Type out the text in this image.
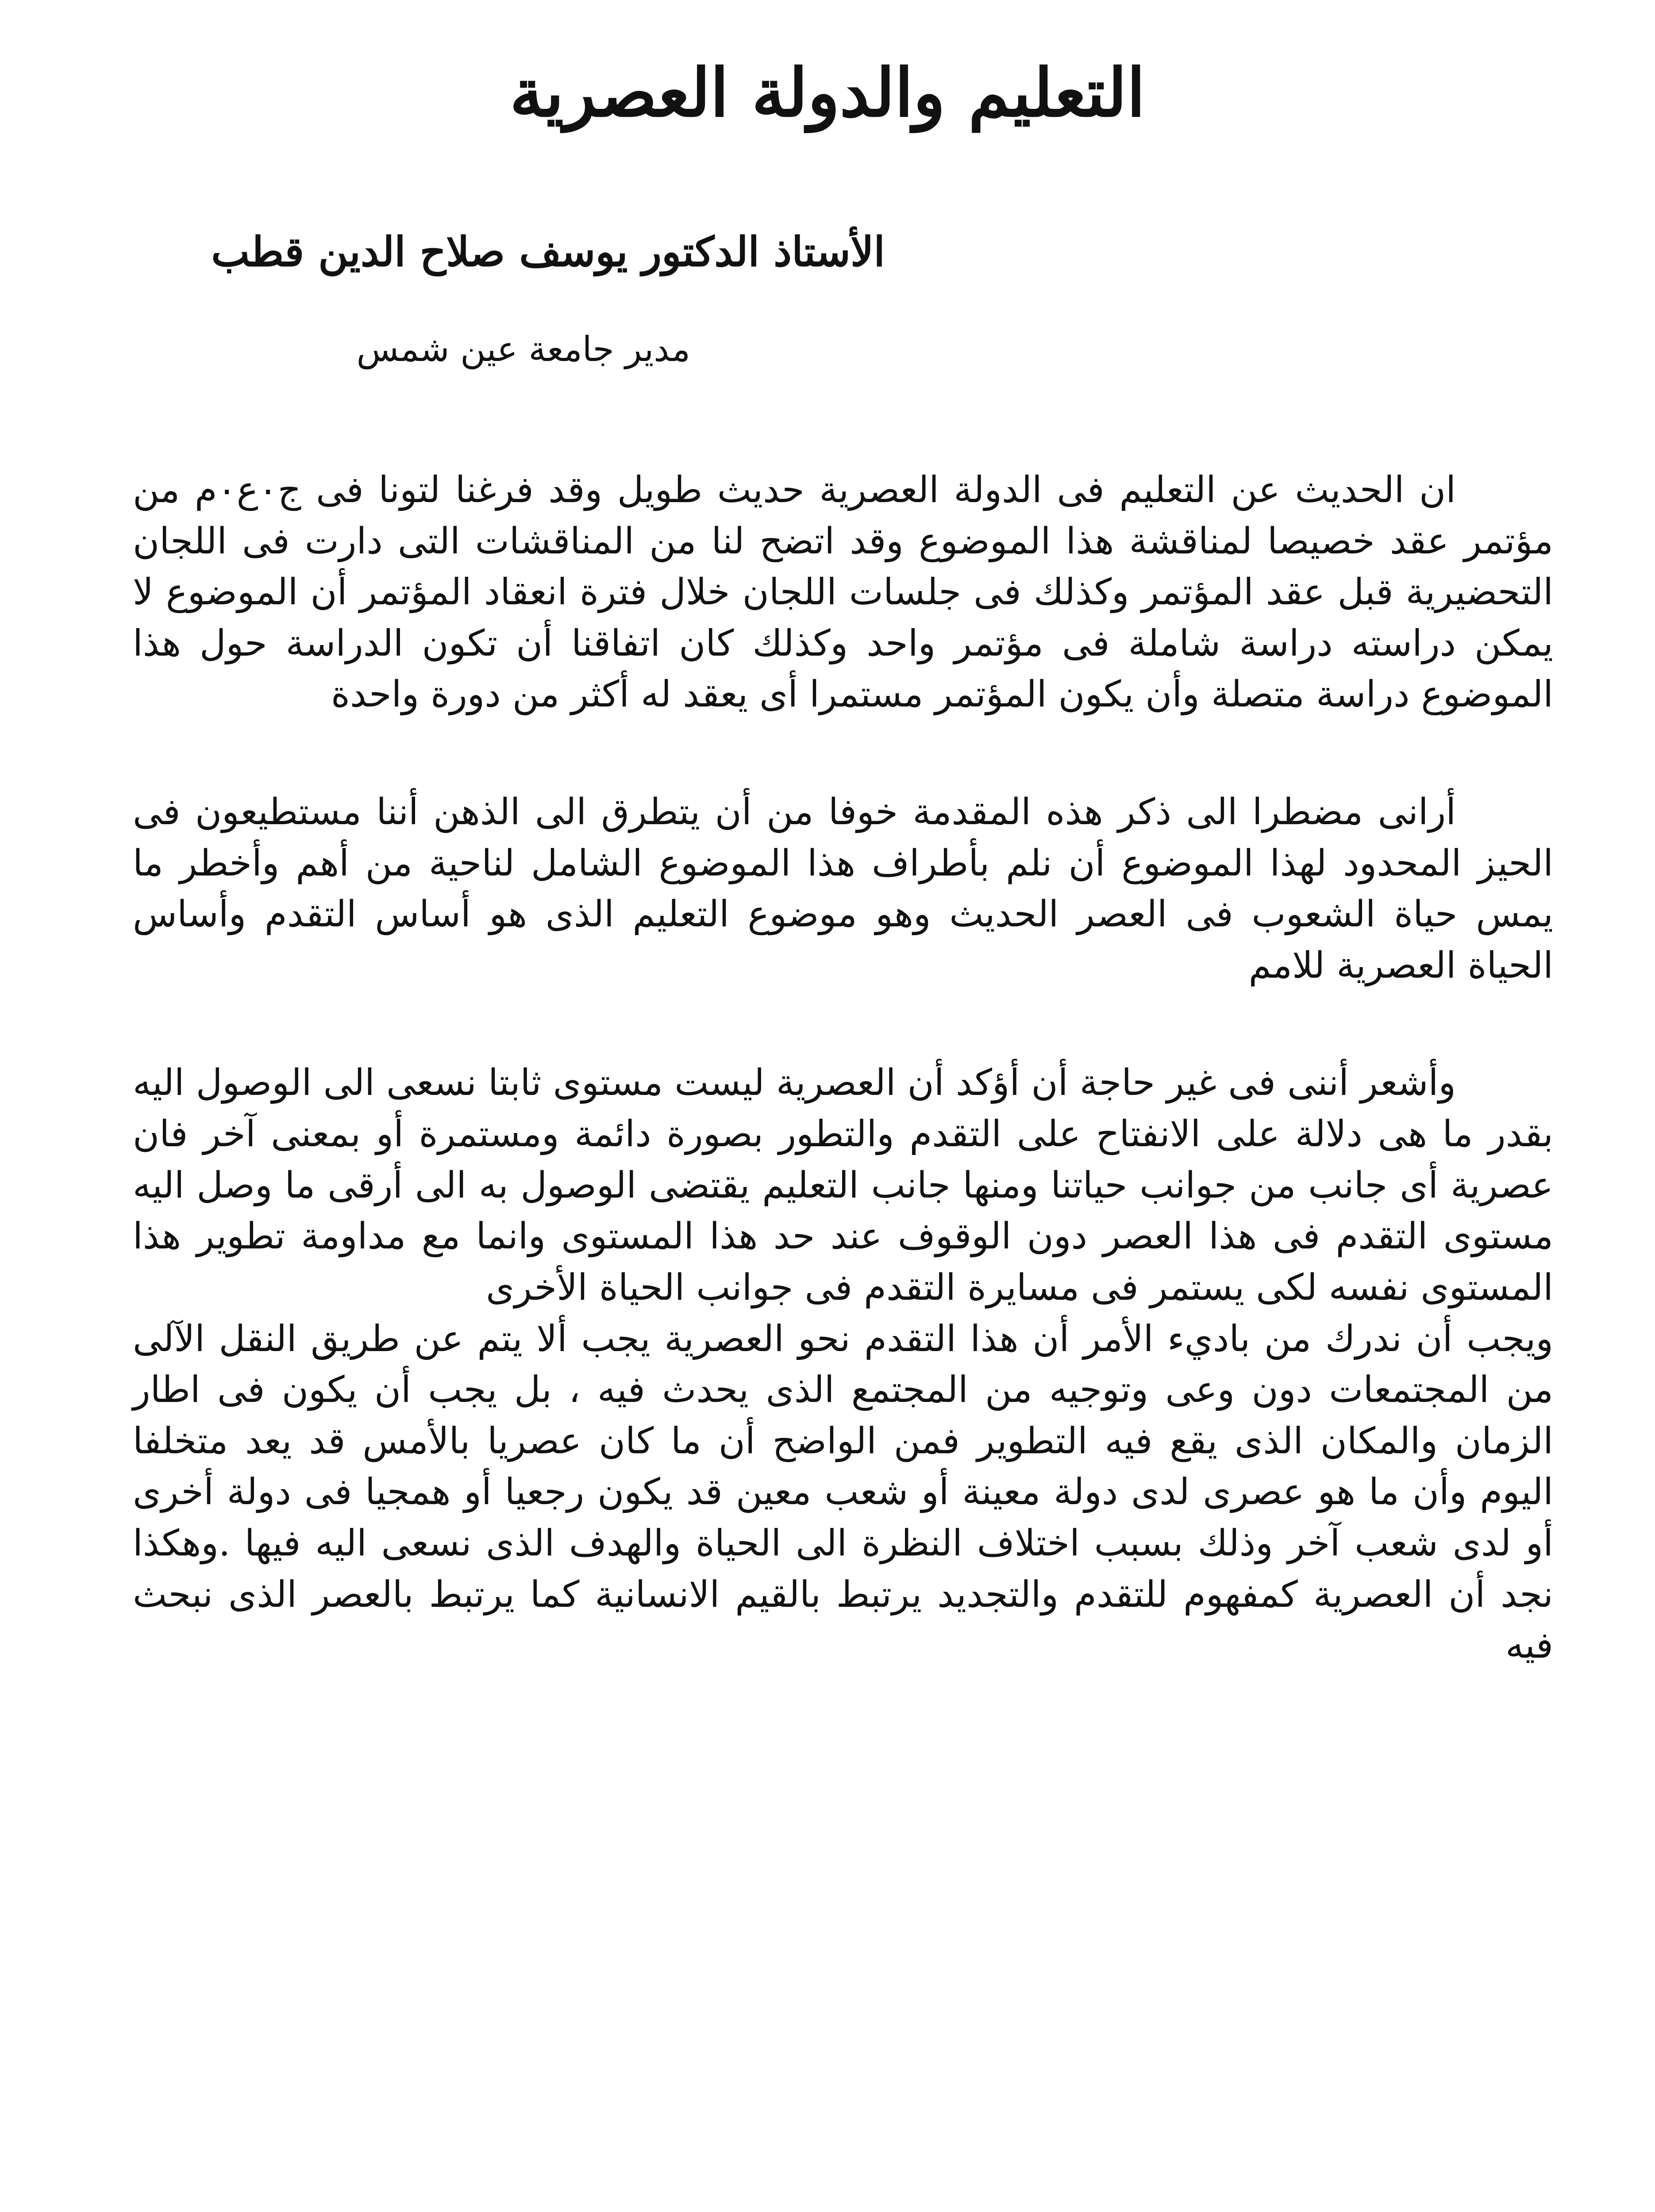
التعليم والدولة العصرية
الأستاذ الدكتور يوسف صلاح الدين قطب
مدير جامعة عين شمس

ان الحديث عن التعليم فى الدولة العصرية حديث طويل وقد فرغنا لتونا فى ج٠ع٠م من مؤتمر عقد خصيصا لمناقشة هذا الموضوع وقد اتضح لنا من المناقشات التى دارت فى اللجان التحضيرية قبل عقد المؤتمر وكذلك فى جلسات اللجان خلال فترة انعقاد المؤتمر أن الموضوع لا يمكن دراسته دراسة شاملة فى مؤتمر واحد وكذلك كان اتفاقنا أن تكون الدراسة حول هذا الموضوع دراسة متصلة وأن يكون المؤتمر مستمرا أى يعقد له أكثر من دورة واحدة

أرانى مضطرا الى ذكر هذه المقدمة خوفا من أن يتطرق الى الذهن أننا مستطيعون فى الحيز المحدود لهذا الموضوع أن نلم بأطراف هذا الموضوع الشامل لناحية من أهم وأخطر ما يمس حياة الشعوب فى العصر الحديث وهو موضوع التعليم الذى هو أساس التقدم وأساس الحياة العصرية للامم

وأشعر أننى فى غير حاجة أن أؤكد أن العصرية ليست مستوى ثابتا نسعى الى الوصول اليه بقدر ما هى دلالة على الانفتاح على التقدم والتطور بصورة دائمة ومستمرة أو بمعنى آخر فان عصرية أى جانب من جوانب حياتنا ومنها جانب التعليم يقتضى الوصول به الى أرقى ما وصل اليه مستوى التقدم فى هذا العصر دون الوقوف عند حد هذا المستوى وانما مع مداومة تطوير هذا المستوى نفسه لكى يستمر فى مسايرة التقدم فى جوانب الحياة الأخرى

ويجب أن ندرك من باديء الأمر أن هذا التقدم نحو العصرية يجب ألا يتم عن طريق النقل الآلى من المجتمعات دون وعى وتوجيه من المجتمع الذى يحدث فيه ، بل يجب أن يكون فى اطار الزمان والمكان الذى يقع فيه التطوير فمن الواضح أن ما كان عصريا بالأمس قد يعد متخلفا اليوم وأن ما هو عصرى لدى دولة معينة أو شعب معين قد يكون رجعيا أو همجيا فى دولة أخرى أو لدى شعب آخر وذلك بسبب اختلاف النظرة الى الحياة والهدف الذى نسعى اليه فيها .وهكذا نجد أن العصرية كمفهوم للتقدم والتجديد يرتبط بالقيم الانسانية كما يرتبط بالعصر الذى نبحث فيه
